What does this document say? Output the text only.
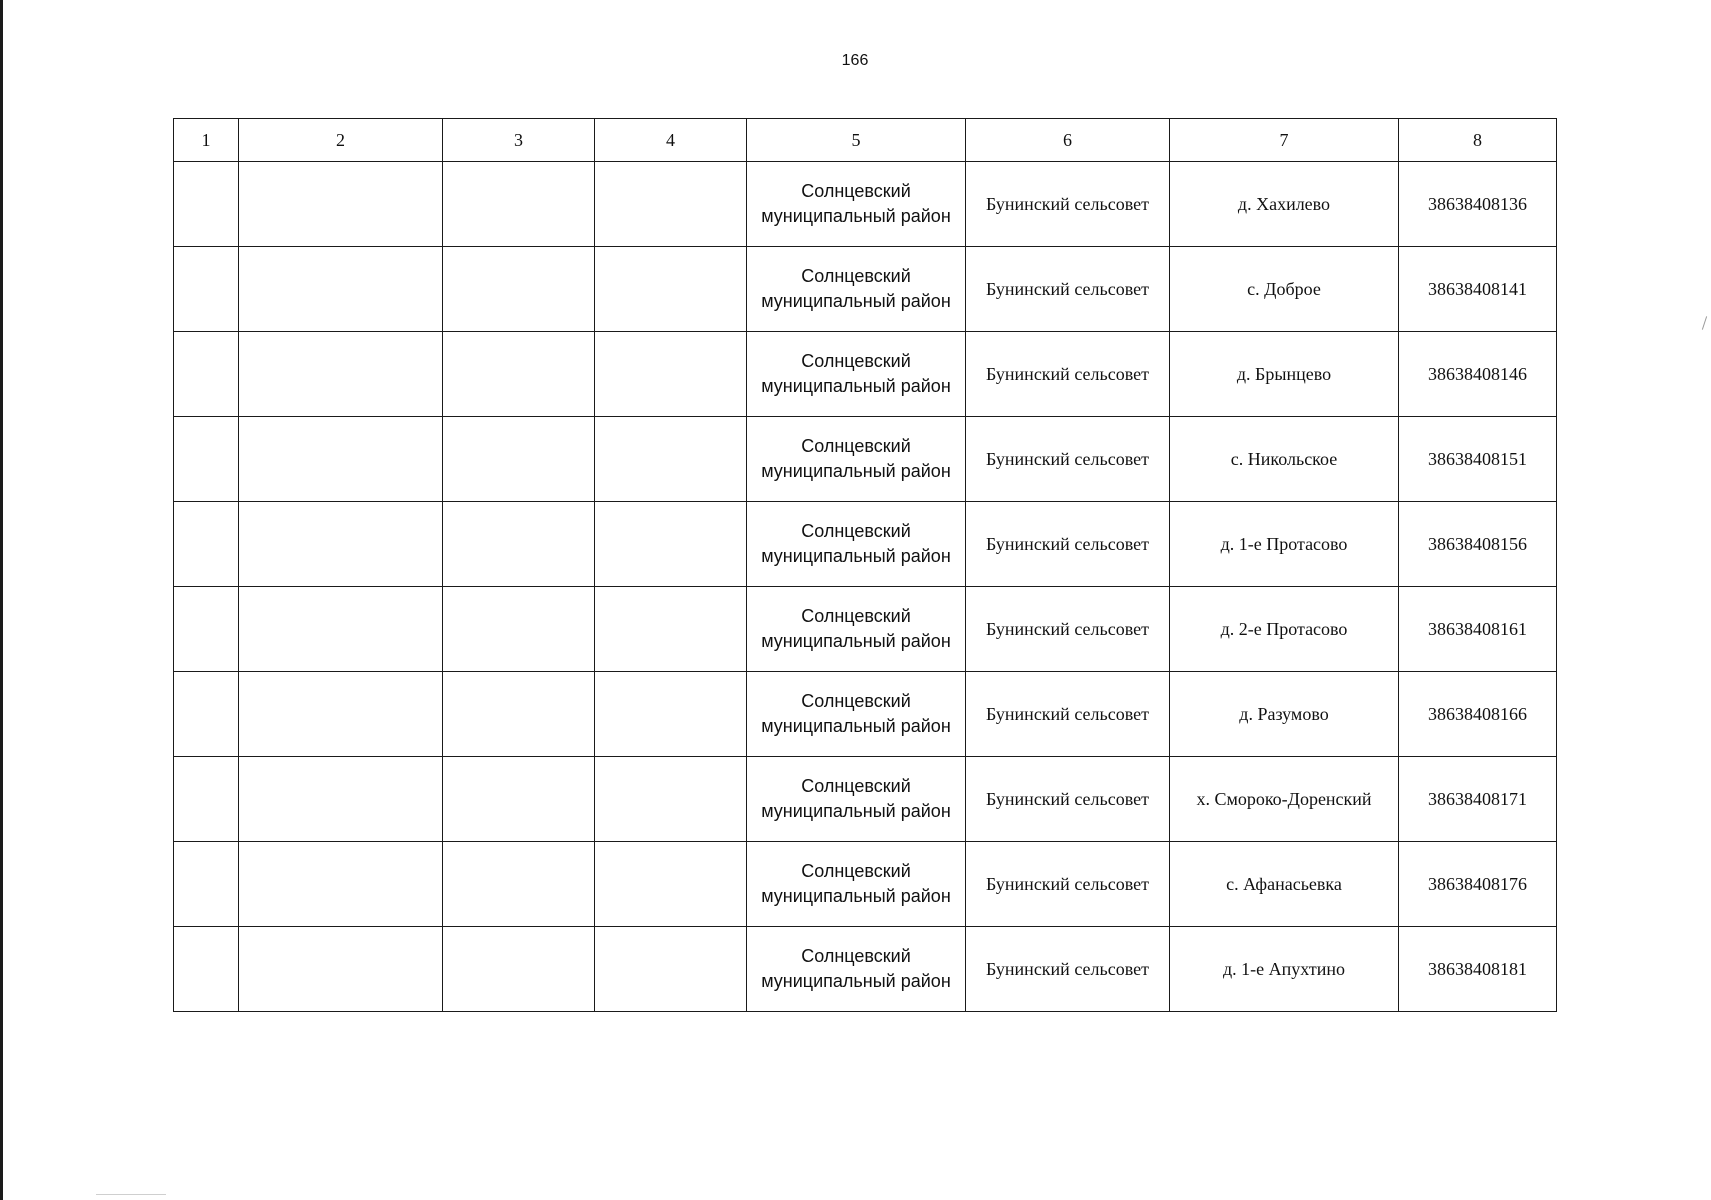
166
1	2	3	4	5	6	7	8
				Солнцевский муниципальный район	Бунинский сельсовет	д. Хахилево	38638408136
				Солнцевский муниципальный район	Бунинский сельсовет	с. Доброе	38638408141
				Солнцевский муниципальный район	Бунинский сельсовет	д. Брынцево	38638408146
				Солнцевский муниципальный район	Бунинский сельсовет	с. Никольское	38638408151
				Солнцевский муниципальный район	Бунинский сельсовет	д. 1-е Протасово	38638408156
				Солнцевский муниципальный район	Бунинский сельсовет	д. 2-е Протасово	38638408161
				Солнцевский муниципальный район	Бунинский сельсовет	д. Разумово	38638408166
				Солнцевский муниципальный район	Бунинский сельсовет	х. Смороко-Доренский	38638408171
				Солнцевский муниципальный район	Бунинский сельсовет	с. Афанасьевка	38638408176
				Солнцевский муниципальный район	Бунинский сельсовет	д. 1-е Апухтино	38638408181
